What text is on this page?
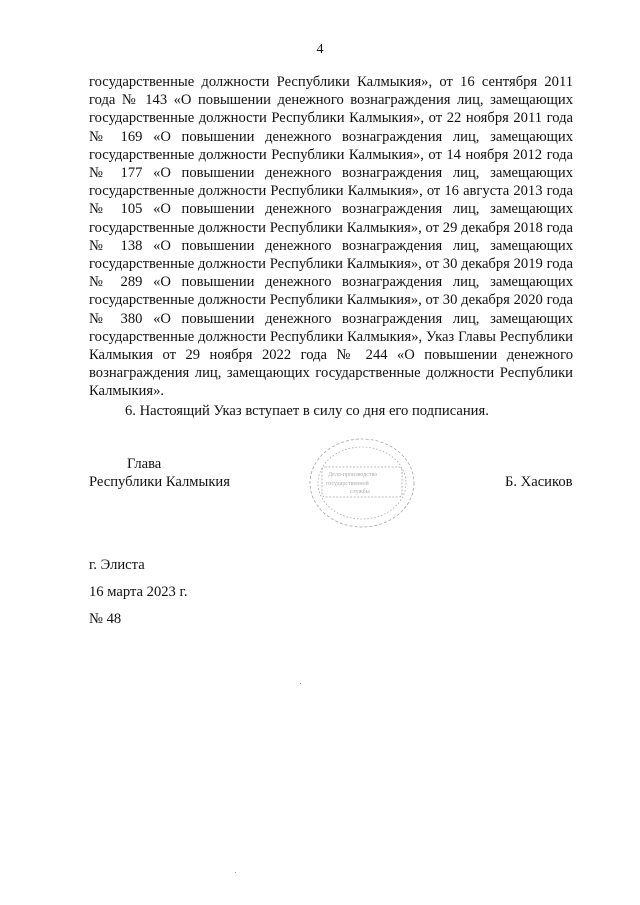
4

государственные должности Республики Калмыкия», от 16 сентября 2011 года № 143 «О повышении денежного вознаграждения лиц, замещающих государственные должности Республики Калмыкия», от 22 ноября 2011 года № 169 «О повышении денежного вознаграждения лиц, замещающих государственные должности Республики Калмыкия», от 14 ноября 2012 года № 177 «О повышении денежного вознаграждения лиц, замещающих государственные должности Республики Калмыкия», от 16 августа 2013 года № 105 «О повышении денежного вознаграждения лиц, замещающих государственные должности Республики Калмыкия», от 29 декабря 2018 года № 138 «О повышении денежного вознаграждения лиц, замещающих государственные должности Республики Калмыкия», от 30 декабря 2019 года № 289 «О повышении денежного вознаграждения лиц, замещающих государственные должности Республики Калмыкия», от 30 декабря 2020 года № 380 «О повышении денежного вознаграждения лиц, замещающих государственные должности Республики Калмыкия», Указ Главы Республики Калмыкия от 29 ноября 2022 года № 244 «О повышении денежного вознаграждения лиц, замещающих государственные должности Республики Калмыкия».

6. Настоящий Указ вступает в силу со дня его подписания.

Глава
Республики Калмыкия	Б. Хасиков
Дело-производство
государственной
службы
г. Элиста
16 марта 2023 г.
№ 48
